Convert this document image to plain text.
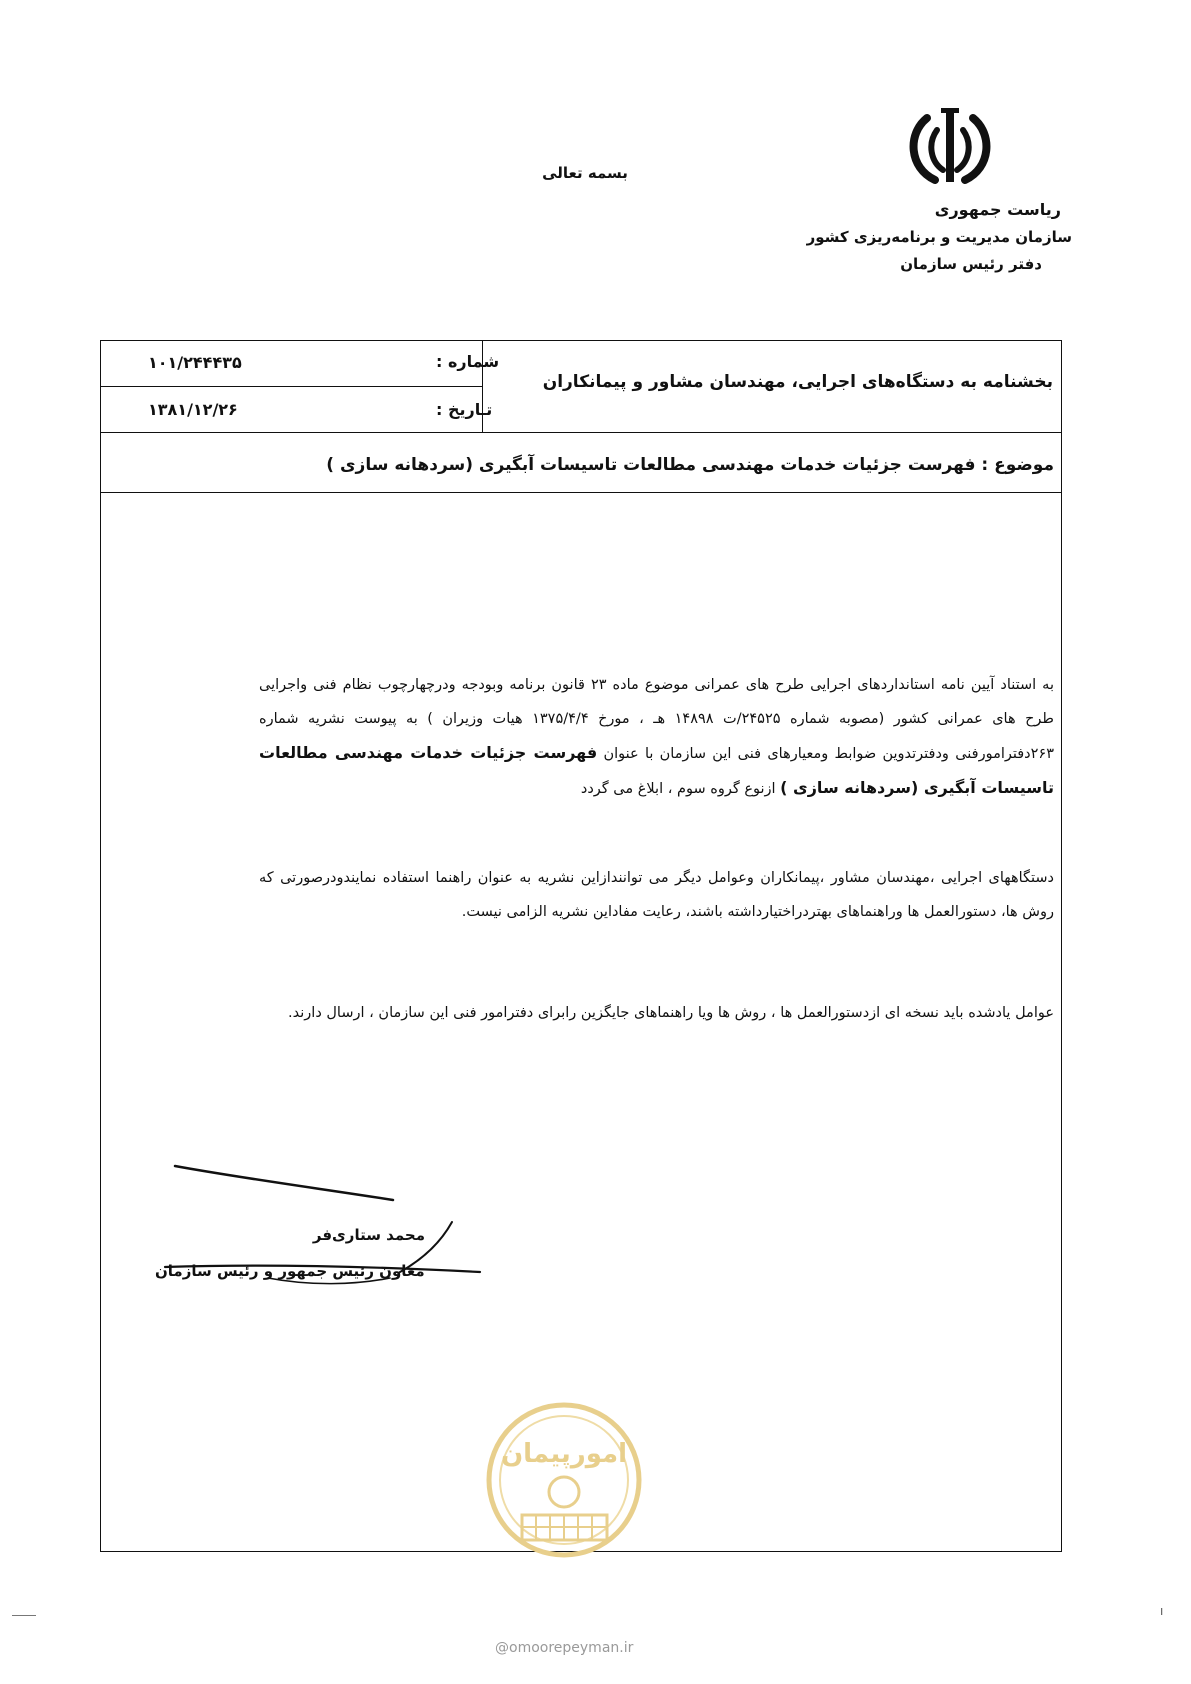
بسمه تعالی
ریاست جمهوری
سازمان مدیریت و برنامه‌ریزی کشور
دفتر رئیس سازمان
بخشنامه به دستگاه‌های اجرایی، مهندسان مشاور و پیمانکاران
شماره :
۱۰۱/۲۴۴۴۳۵
تـاریخ :
۱۳۸۱/۱۲/۲۶
موضوع : فهرست جزئیات خدمات مهندسی مطالعات تاسیسات آبگیری (سردهانه سازی )
به استناد آیین نامه استانداردهای اجرایی طرح های عمرانی موضوع ماده ۲۳ قانون برنامه وبودجه ودرچهارچوب نظام فنی واجرایی طرح های عمرانی کشور (مصوبه شماره ۲۴۵۲۵/ت ۱۴۸۹۸ هـ ، مورخ ۱۳۷۵/۴/۴ هیات وزیران ) به پیوست نشریه شماره ۲۶۳دفترامورفنی ودفترتدوین ضوابط ومعیارهای فنی این سازمان با عنوان فهرست جزئیات خدمات مهندسی مطالعات تاسیسات آبگیری (سردهانه سازی ) ازنوع گروه سوم ، ابلاغ می گردد
دستگاههای اجرایی ،مهندسان مشاور ،پیمانکاران وعوامل دیگر می توانندازاین نشریه به عنوان راهنما استفاده نمایندودرصورتی که روش ها، دستورالعمل ها وراهنماهای بهتردراختیارداشته باشند، رعایت مفاداین نشریه الزامی نیست.
عوامل یادشده باید نسخه ای ازدستورالعمل ها ، روش ها ویا راهنماهای جایگزین رابرای دفترامور فنی این سازمان ، ارسال دارند.
محمد ستاری‌فر
معاون رئیس جمهور و رئیس سازمان
امورپیمان
@omoorepeyman.ir
ı
